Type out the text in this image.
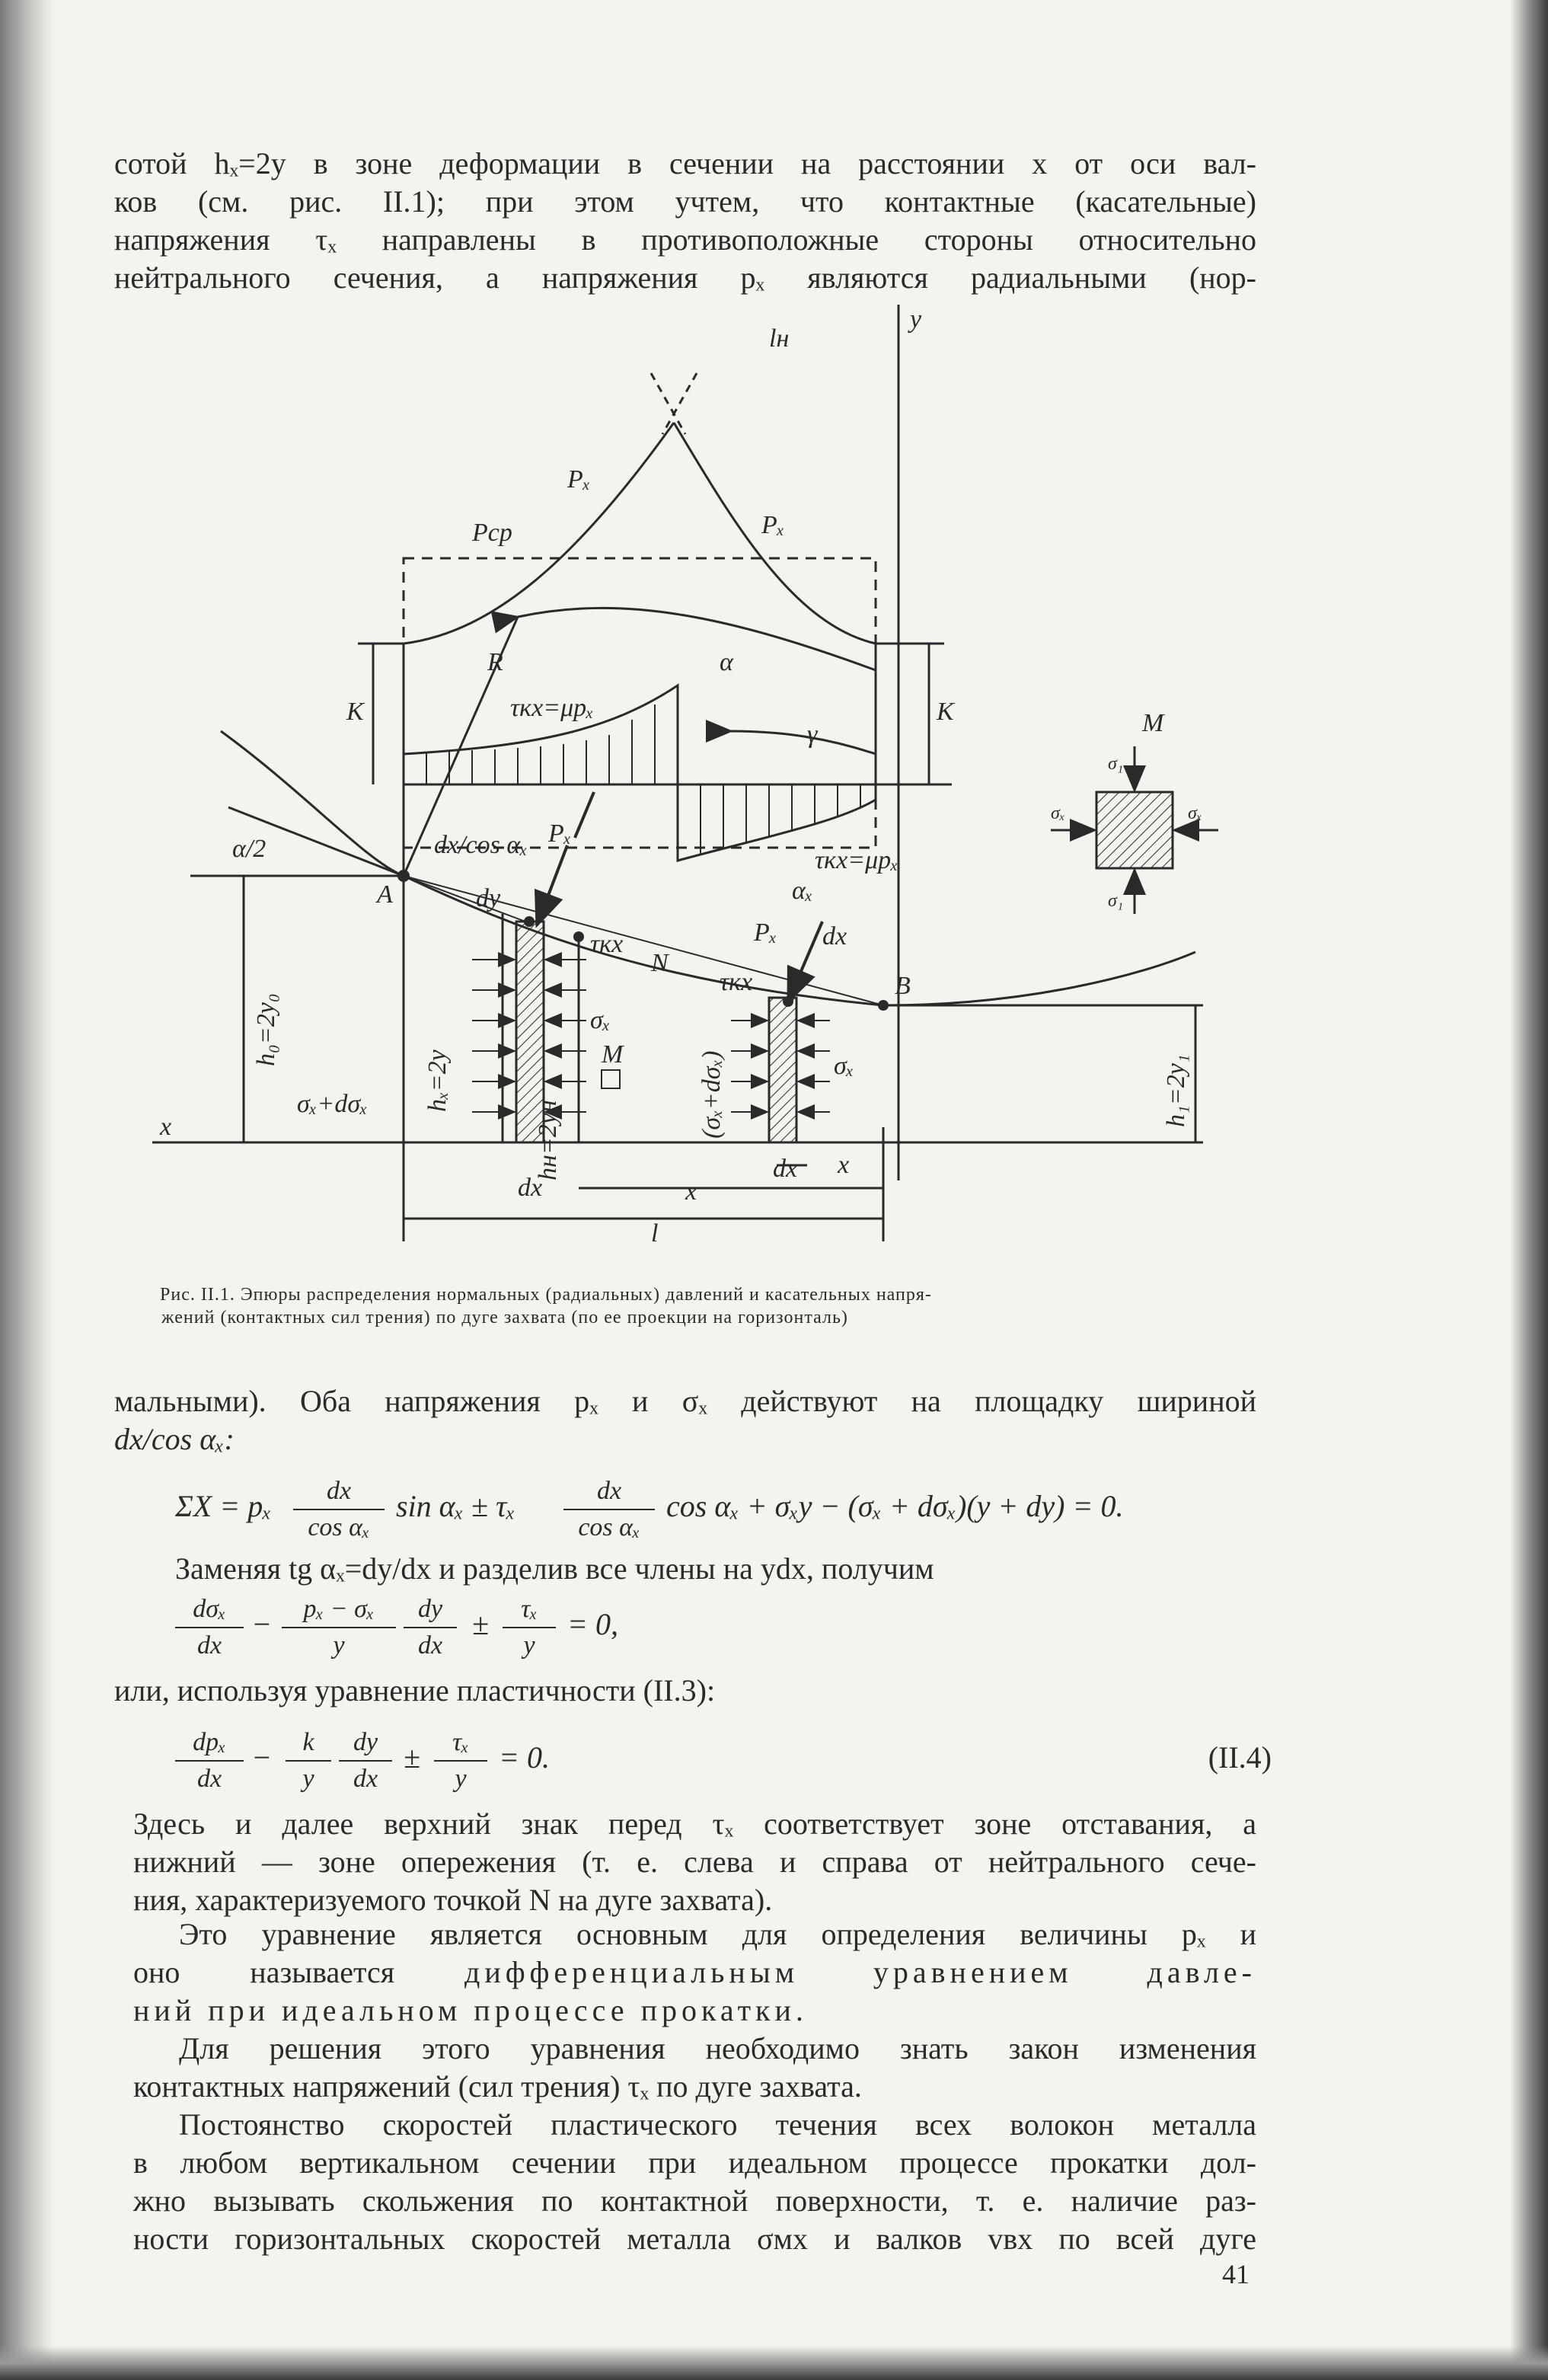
сотой hₓ=2y в зоне деформации в сечении на расстоянии x от оси вал-
ков (см. рис. II.1); при этом учтем, что контактные (касательные)
напряжения τₓ направлены в противоположные стороны относительно
нейтрального сечения, а напряжения pₓ являются радиальными (нор-
y
lн
Pₓ
Pₓ
Pср
α
R
K	K
τкx=μpₓ
γ
τкx=μpₓ
α/2	dx/cos αₓ Pₓ
αₓ
Pₓ
A
N
B
dy
τкx
τкx
dx
h₀=2y₀
hₓ=2y
hн=2yн
h₁=2y₁
σₓ
M
σₓ+dσₓ	(σₓ+dσₓ)	σₓ
x
dx	x
dx x
l
M
σ₁
σₓ	σₓ
σ₁
Рис. II.1. Эпюры распределения нормальных (радиальных) давлений и касательных напря-
жений (контактных сил трения) по дуге захвата (по ее проекции на горизонталь)
мальными). Оба напряжения pₓ и σₓ действуют на площадку шириной
dx/cos αₓ:
ΣX = pₓ	dx
cos αₓ
sin αₓ ± τₓ	dx
cos αₓ
cos αₓ + σₓy − (σₓ + dσₓ)(y + dy) = 0.
Заменяя tg αₓ=dy/dx и разделив все члены на ydx, получим
dσₓ
dx
−	pₓ − σₓ
y
dy
dx
±	τₓ
y
= 0,
или, используя уравнение пластичности (II.3):
dpₓ
dx
−	k
y
dy
dx
±	τₓ
y
= 0.	(II.4)
Здесь и далее верхний знак перед τₓ соответствует зоне отставания, а
нижний — зоне опережения (т. е. слева и справа от нейтрального сече-
ния, характеризуемого точкой N на дуге захвата).
Это уравнение является основным для определения величины pₓ и
оно называется дифференциальным уравнением давле-
ний при идеальном процессе прокатки.
Для решения этого уравнения необходимо знать закон изменения
контактных напряжений (сил трения) τₓ по дуге захвата.
Постоянство скоростей пластического течения всех волокон металла
в любом вертикальном сечении при идеальном процессе прокатки дол-
жно вызывать скольжения по контактной поверхности, т. е. наличие раз-
ности горизонтальных скоростей металла σмх и валков vвх по всей дуге
41
